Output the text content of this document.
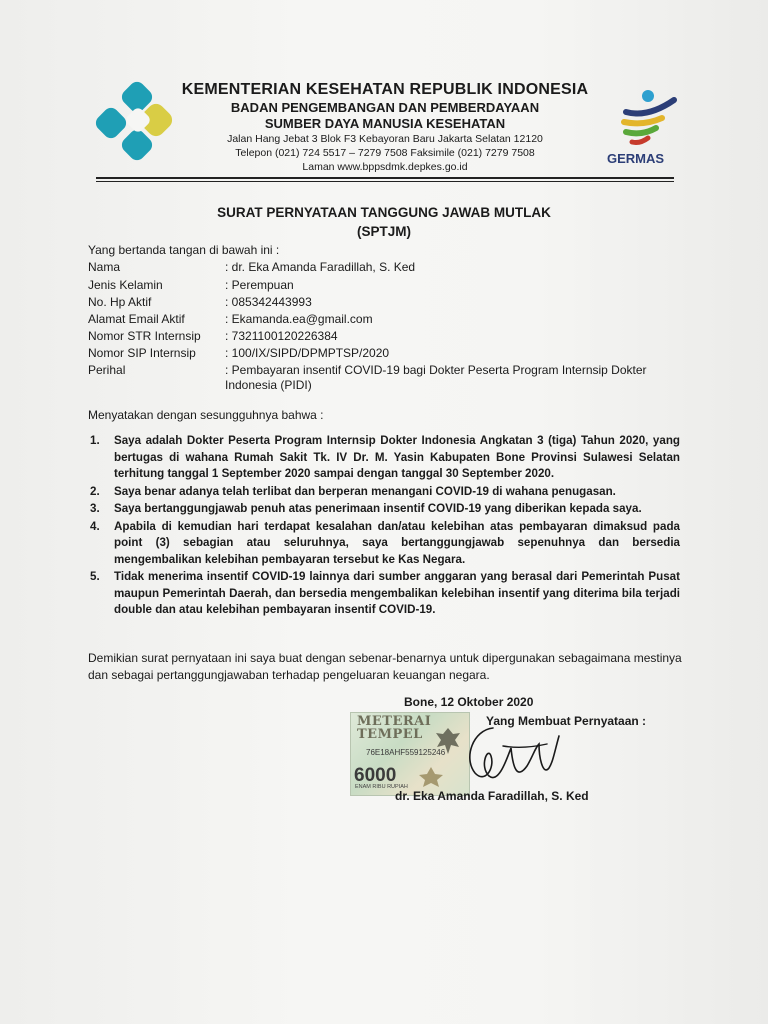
KEMENTERIAN KESEHATAN REPUBLIK INDONESIA

BADAN PENGEMBANGAN DAN PEMBERDAYAAN

SUMBER DAYA MANUSIA KESEHATAN

Jalan Hang Jebat 3 Blok F3 Kebayoran Baru Jakarta Selatan 12120

Telepon (021) 724 5517 – 7279 7508 Faksimile (021) 7279 7508

Laman www.bppsdmk.depkes.go.id

GERMAS

SURAT PERNYATAAN TANGGUNG JAWAB MUTLAK

(SPTJM)

Yang bertanda tangan di bawah ini :

Nama	: dr. Eka Amanda Faradillah, S. Ked
Jenis Kelamin	: Perempuan
No. Hp Aktif	: 085342443993
Alamat Email Aktif	: Ekamanda.ea@gmail.com
Nomor STR Internsip	: 7321100120226384
Nomor SIP Internsip	: 100/IX/SIPD/DPMPTSP/2020
Perihal	: Pembayaran insentif COVID-19 bagi Dokter Peserta Program Internsip Dokter Indonesia (PIDI)

Menyatakan dengan sesungguhnya bahwa :

1. Saya adalah Dokter Peserta Program Internsip Dokter Indonesia Angkatan 3 (tiga) Tahun 2020, yang bertugas di wahana Rumah Sakit Tk. IV Dr. M. Yasin Kabupaten Bone Provinsi Sulawesi Selatan terhitung tanggal 1 September 2020 sampai dengan tanggal 30 September 2020.
2. Saya benar adanya telah terlibat dan berperan menangani COVID-19 di wahana penugasan.
3. Saya bertanggungjawab penuh atas penerimaan insentif COVID-19 yang diberikan kepada saya.
4. Apabila di kemudian hari terdapat kesalahan dan/atau kelebihan atas pembayaran dimaksud pada point (3) sebagian atau seluruhnya, saya bertanggungjawab sepenuhnya dan bersedia mengembalikan kelebihan pembayaran tersebut ke Kas Negara.
5. Tidak menerima insentif COVID-19 lainnya dari sumber anggaran yang berasal dari Pemerintah Pusat maupun Pemerintah Daerah, dan bersedia mengembalikan kelebihan insentif yang diterima bila terjadi double dan atau kelebihan pembayaran insentif COVID-19.

Demikian surat pernyataan ini saya buat dengan sebenar-benarnya untuk dipergunakan sebagaimana mestinya dan sebagai pertanggungjawaban terhadap pengeluaran keuangan negara.

Bone, 12 Oktober 2020

Yang Membuat Pernyataan :

METERAI
TEMPEL
76E18AHF559125246
6000
ENAM RIBU RUPIAH

dr. Eka Amanda Faradillah, S. Ked
